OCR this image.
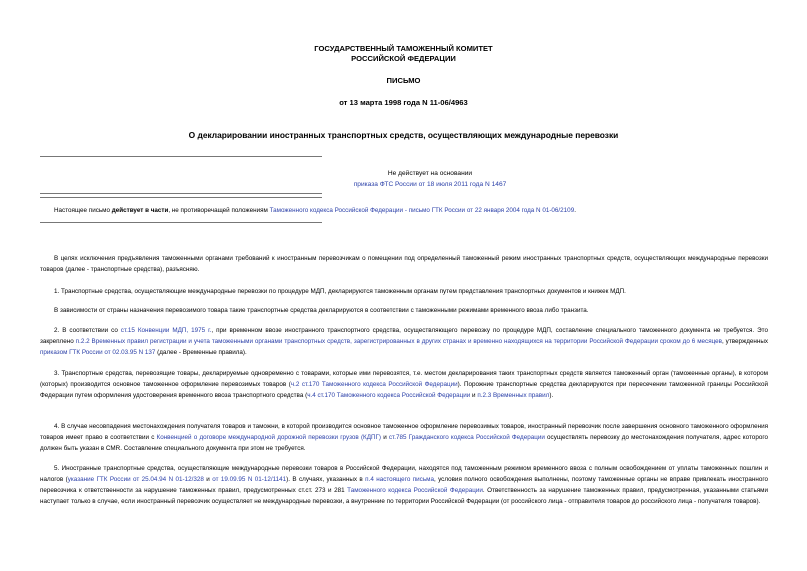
ГОСУДАРСТВЕННЫЙ ТАМОЖЕННЫЙ КОМИТЕТ
РОССИЙСКОЙ ФЕДЕРАЦИИ
ПИСЬМО
от 13 марта 1998 года N 11-06/4963
О декларировании иностранных транспортных средств, осуществляющих международные перевозки
Не действует на основании
приказа ФТС России от 18 июля 2011 года N 1467
Настоящее письмо действует в части, не противоречащей положениям Таможенного кодекса Российской Федерации - письмо ГТК России от 22 января 2004 года N 01-06/2109.
В целях исключения предъявления таможенными органами требований к иностранным перевозчикам о помещении под определенный таможенный режим иностранных транспортных средств, осуществляющих международные перевозки товаров (далее - транспортные средства), разъясняю.
1. Транспортные средства, осуществляющие международные перевозки по процедуре МДП, декларируются таможенным органам путем представления транспортных документов и книжек МДП.
В зависимости от страны назначения перевозимого товара такие транспортные средства декларируются в соответствии с таможенными режимами временного ввоза либо транзита.
2. В соответствии со ст.15 Конвенции МДП, 1975 г., при временном ввозе иностранного транспортного средства, осуществляющего перевозку по процедуре МДП, составление специального таможенного документа не требуется. Это закреплено п.2.2 Временных правил регистрации и учета таможенными органами транспортных средств, зарегистрированных в других странах и временно находящихся на территории Российской Федерации сроком до 6 месяцев, утвержденных приказом ГТК России от 02.03.95 N 137 (далее - Временные правила).
3. Транспортные средства, перевозящие товары, декларируемые одновременно с товарами, которые ими перевозятся, т.е. местом декларирования таких транспортных средств является таможенный орган (таможенные органы), в котором (которых) производится основное таможенное оформление перевозимых товаров (ч.2 ст.170 Таможенного кодекса Российской Федерации). Порожние транспортные средства декларируются при пересечении таможенной границы Российской Федерации путем оформления удостоверения временного ввоза транспортного средства (ч.4 ст.170 Таможенного кодекса Российской Федерации и п.2.3 Временных правил).
4. В случае несовпадения местонахождения получателя товаров и таможни, в которой производится основное таможенное оформление перевозимых товаров, иностранный перевозчик после завершения основного таможенного оформления товаров имеет право в соответствии с Конвенцией о договоре международной дорожной перевозки грузов (КДПГ) и ст.785 Гражданского кодекса Российской Федерации осуществлять перевозку до местонахождения получателя, адрес которого должен быть указан в CMR. Составление специального документа при этом не требуется.
5. Иностранные транспортные средства, осуществляющие международные перевозки товаров в Российской Федерации, находятся под таможенным режимом временного ввоза с полным освобождением от уплаты таможенных пошлин и налогов (указание ГТК России от 25.04.94 N 01-12/328 и от 19.09.95 N 01-12/1141). В случаях, указанных в п.4 настоящего письма, условия полного освобождения выполнены, поэтому таможенные органы не вправе привлекать иностранного перевозчика к ответственности за нарушение таможенных правил, предусмотренных ст.ст. 273 и 281 Таможенного кодекса Российской Федерации. Ответственность за нарушение таможенных правил, предусмотренная, указанными статьями наступает только в случае, если иностранный перевозчик осуществляет не международные перевозки, а внутренние по территории Российской Федерации (от российского лица - отправителя товаров до российского лица - получателя товаров).
